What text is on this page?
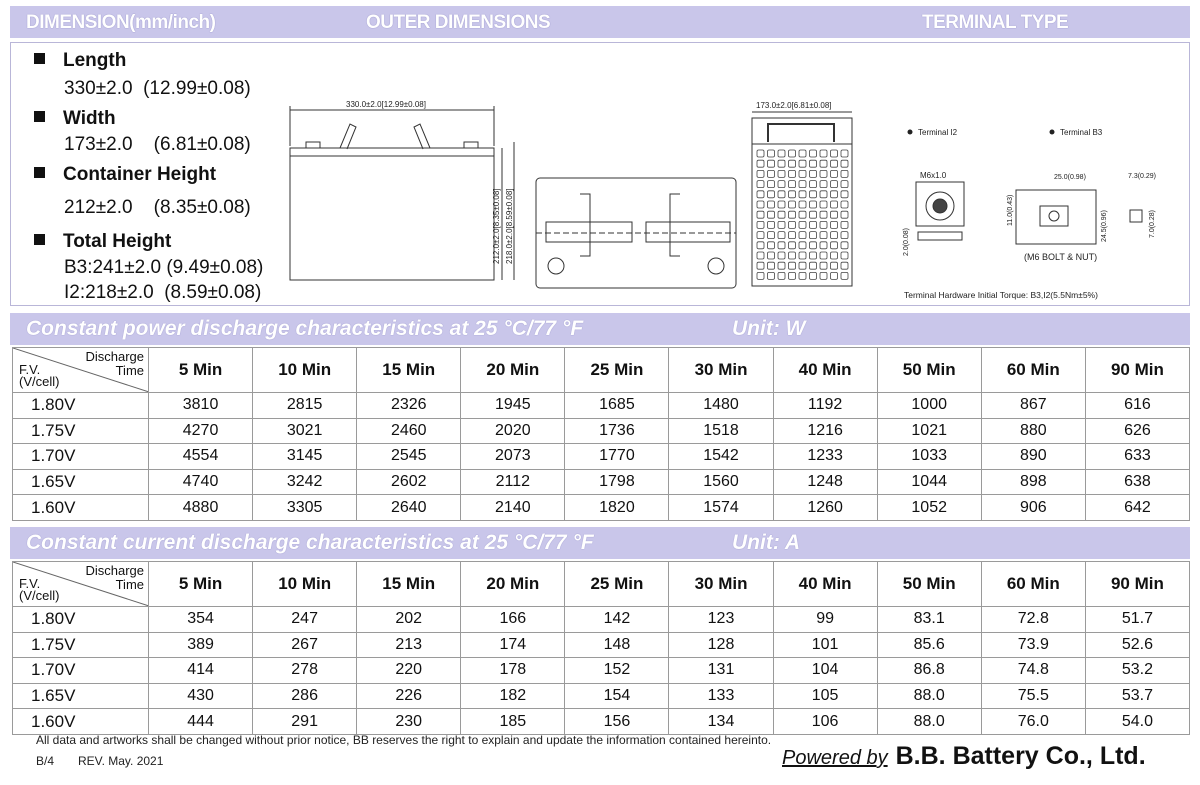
DIMENSION(mm/inch)	OUTER DIMENSIONS	TERMINAL TYPE
Length
330±2.0 (12.99±0.08)
Width
173±2.0 (6.81±0.08)
Container Height
212±2.0 (8.35±0.08)
Total Height
B3:241±2.0 (9.49±0.08)
I2:218±2.0 (8.59±0.08)
330.0±2.0[12.99±0.08]
212.0±2.0[8.35±0.08] 218.0±2.0[8.59±0.08]
173.0±2.0[6.81±0.08]
Terminal I2	Terminal B3
M6x1.0
2.0(0.08)
25.0(0.98)	7.3(0.29)
11.0(0.43)	24.5(0.96)	7.0(0.28)
(M6 BOLT & NUT)
Terminal Hardware Initial Torque: B3,I2(5.5Nm±5%)
Constant power discharge characteristics at 25 °C/77 °F	Unit: W
Discharge
Time
F.V.
(V/cell)	5 Min	10 Min	15 Min	20 Min	25 Min	30 Min	40 Min	50 Min	60 Min	90 Min
1.80V	3810	2815	2326	1945	1685	1480	1192	1000	867	616
1.75V	4270	3021	2460	2020	1736	1518	1216	1021	880	626
1.70V	4554	3145	2545	2073	1770	1542	1233	1033	890	633
1.65V	4740	3242	2602	2112	1798	1560	1248	1044	898	638
1.60V	4880	3305	2640	2140	1820	1574	1260	1052	906	642
Constant current discharge characteristics at 25 °C/77 °F	Unit: A
Discharge
Time
F.V.
(V/cell)	5 Min	10 Min	15 Min	20 Min	25 Min	30 Min	40 Min	50 Min	60 Min	90 Min
1.80V	354	247	202	166	142	123	99	83.1	72.8	51.7
1.75V	389	267	213	174	148	128	101	85.6	73.9	52.6
1.70V	414	278	220	178	152	131	104	86.8	74.8	53.2
1.65V	430	286	226	182	154	133	105	88.0	75.5	53.7
1.60V	444	291	230	185	156	134	106	88.0	76.0	54.0
All data and artworks shall be changed without prior notice, BB reserves the right to explain and update the information contained hereinto.
B/4 REV. May. 2021	Powered by B.B. Battery Co., Ltd.
